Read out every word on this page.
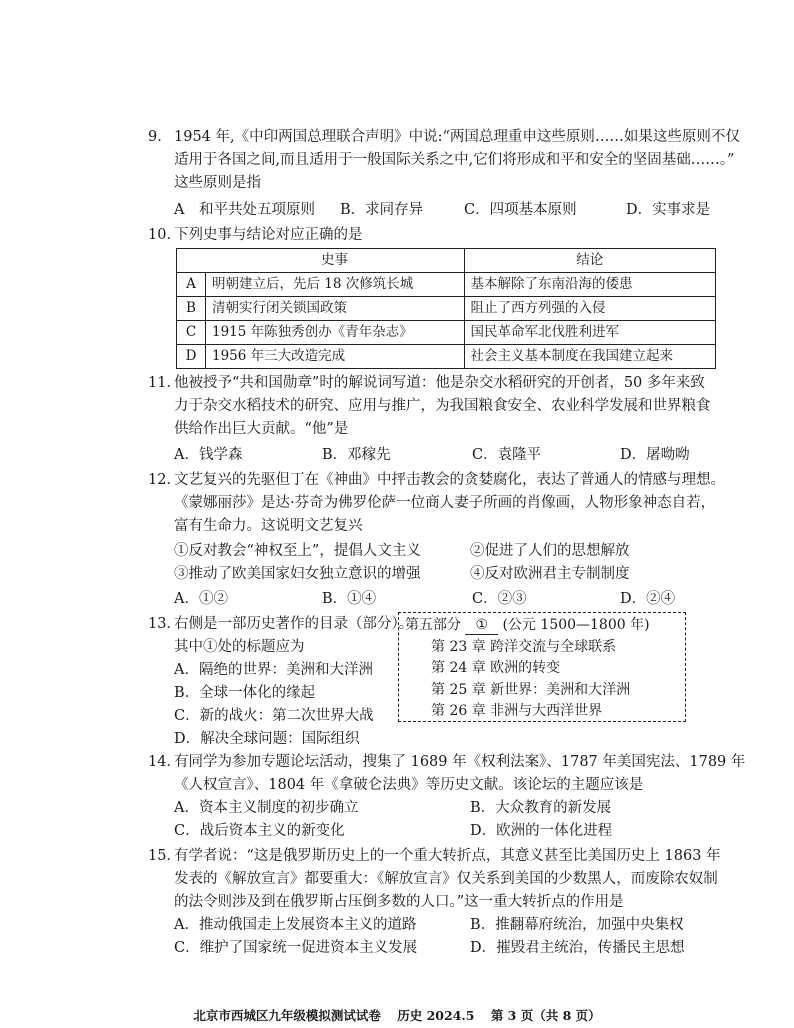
9． 1954 年,《中印两国总理联合声明》中说:“两国总理重申这些原则……如果这些原则不仅
适用于各国之间,而且适用于一般国际关系之中,它们将形成和平和安全的坚固基础……。”
这些原则是指
A　和平共处五项原则	B．求同存异	C．四项基本原则	D．实事求是
10．
下列史事与结论对应正确的是
	史事	结论
A	明朝建立后，先后 18 次修筑长城	基本解除了东南沿海的倭患
B	清朝实行闭关锁国政策	阻止了西方列强的入侵
C	1915 年陈独秀创办《青年杂志》	国民革命军北伐胜利进军
D	1956 年三大改造完成	社会主义基本制度在我国建立起来
11．
他被授予“共和国勋章”时的解说词写道：他是杂交水稻研究的开创者，50 多年来致
力于杂交水稻技术的研究、应用与推广，为我国粮食安全、农业科学发展和世界粮食
供给作出巨大贡献。“他”是
A．钱学森	B．邓稼先	C．袁隆平	D．屠呦呦
12．
文艺复兴的先驱但丁在《神曲》中抨击教会的贪婪腐化，表达了普通人的情感与理想。
《蒙娜丽莎》是达·芬奇为佛罗伦萨一位商人妻子所画的肖像画，人物形象神态自若，
富有生命力。这说明文艺复兴
①反对教会“神权至上”，提倡人文主义	②促进了人们的思想解放
③推动了欧美国家妇女独立意识的增强	④反对欧洲君主专制制度
A．①②	B．①④	C．②③	D．②④
13．
右侧是一部历史著作的目录（部分）。
其中①处的标题应为
A．隔绝的世界：美洲和大洋洲
B．全球一体化的缘起
C．新的战火：第二次世界大战
D．解决全球问题：国际组织
第五部分 ① (公元 1500—1800 年)
第 23 章 跨洋交流与全球联系
第 24 章 欧洲的转变
第 25 章 新世界：美洲和大洋洲
第 26 章 非洲与大西洋世界
14．
有同学为参加专题论坛活动，搜集了 1689 年《权利法案》、1787 年美国宪法、1789 年
《人权宣言》、1804 年《拿破仑法典》等历史文献。该论坛的主题应该是
A．资本主义制度的初步确立	B．大众教育的新发展
C．战后资本主义的新变化	D．欧洲的一体化进程
15．
有学者说：“这是俄罗斯历史上的一个重大转折点，其意义甚至比美国历史上 1863 年
发表的《解放宣言》都要重大：《解放宣言》仅关系到美国的少数黑人，而废除农奴制
的法令则涉及到在俄罗斯占压倒多数的人口。”这一重大转折点的作用是
A．推动俄国走上发展资本主义的道路	B．推翻幕府统治，加强中央集权
C．维护了国家统一促进资本主义发展	D．摧毁君主统治，传播民主思想
北京市西城区九年级模拟测试试卷 历史 2024.5 第 3 页（共 8 页）
